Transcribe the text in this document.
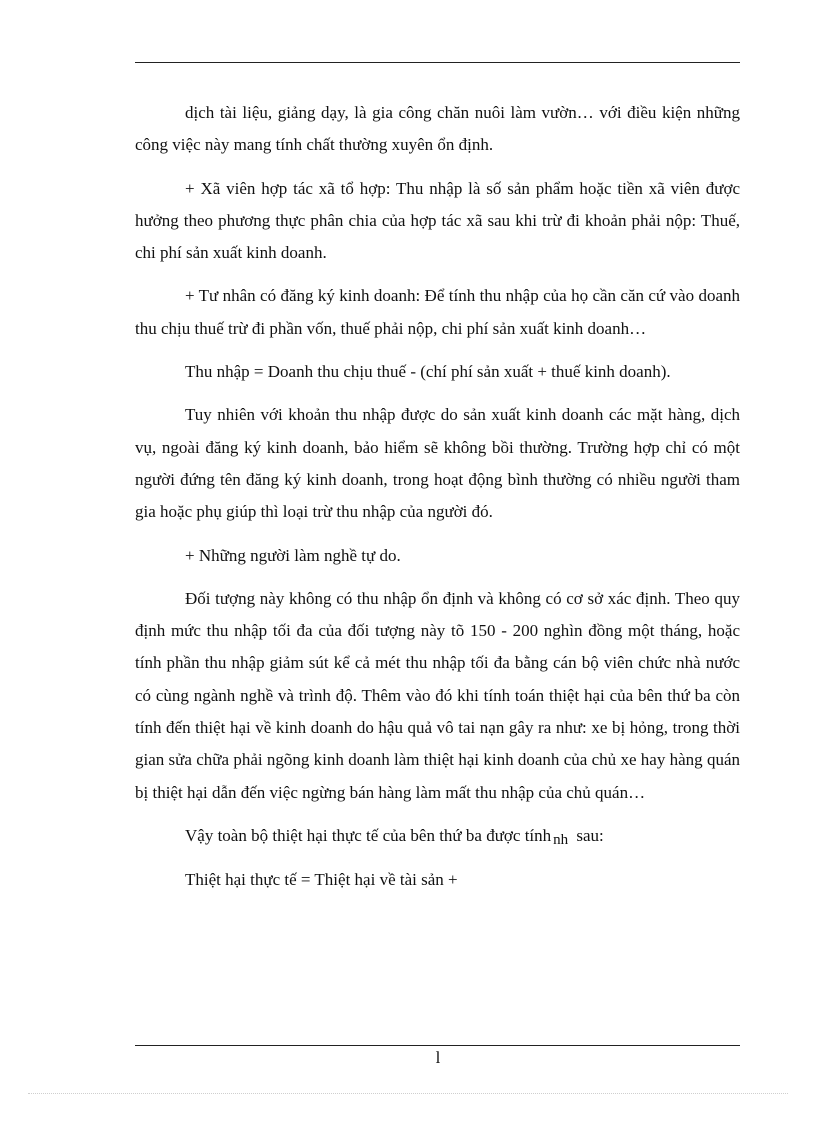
dịch tài liệu, giảng dạy, là gia công chăn nuôi làm vườn… với điều kiện những công việc này mang tính chất thường xuyên ổn định.

+ Xã viên hợp tác xã tổ hợp: Thu nhập là số sản phẩm hoặc tiền xã viên được hưởng theo phương thực phân chia của hợp tác xã sau khi trừ đi khoản phải nộp: Thuế, chi phí sản xuất kinh doanh.

+ Tư nhân có đăng ký kinh doanh: Để tính thu nhập của họ cần căn cứ vào doanh thu chịu thuế trừ đi phần vốn, thuế phải nộp, chi phí sản xuất kinh doanh…

Thu nhập = Doanh thu chịu thuế - (chí phí sản xuất + thuế kinh doanh).

Tuy nhiên với khoản thu nhập được do sản xuất kinh doanh các mặt hàng, dịch vụ, ngoài đăng ký kinh doanh, bảo hiểm sẽ không bồi thường. Trường hợp chỉ có một người đứng tên đăng ký kinh doanh, trong hoạt động bình thường có nhiều người tham gia hoặc phụ giúp thì loại trừ thu nhập của người đó.

+ Những người làm nghề tự do.

Đối tượng này không có thu nhập ổn định và không có cơ sở xác định. Theo quy định mức thu nhập tối đa của đối tượng này tõ 150 - 200 nghìn đồng một tháng, hoặc tính phần thu nhập giảm sút kể cả mét thu nhập tối đa bằng cán bộ viên chức nhà nước có cùng ngành nghề và trình độ. Thêm vào đó khi tính toán thiệt hại của bên thứ ba còn tính đến thiệt hại về kinh doanh do hậu quả vô tai nạn gây ra như: xe bị hỏng, trong thời gian sửa chữa phải ngõng kinh doanh làm thiệt hại kinh doanh của chủ xe hay hàng quán bị thiệt hại dẫn đến việc ngừng bán hàng làm mất thu nhập của chủ quán…

Vậy toàn bộ thiệt hại thực tế của bên thứ ba được tính nh sau:

Thiệt hại thực tế = Thiệt hại về tài sản +

l
